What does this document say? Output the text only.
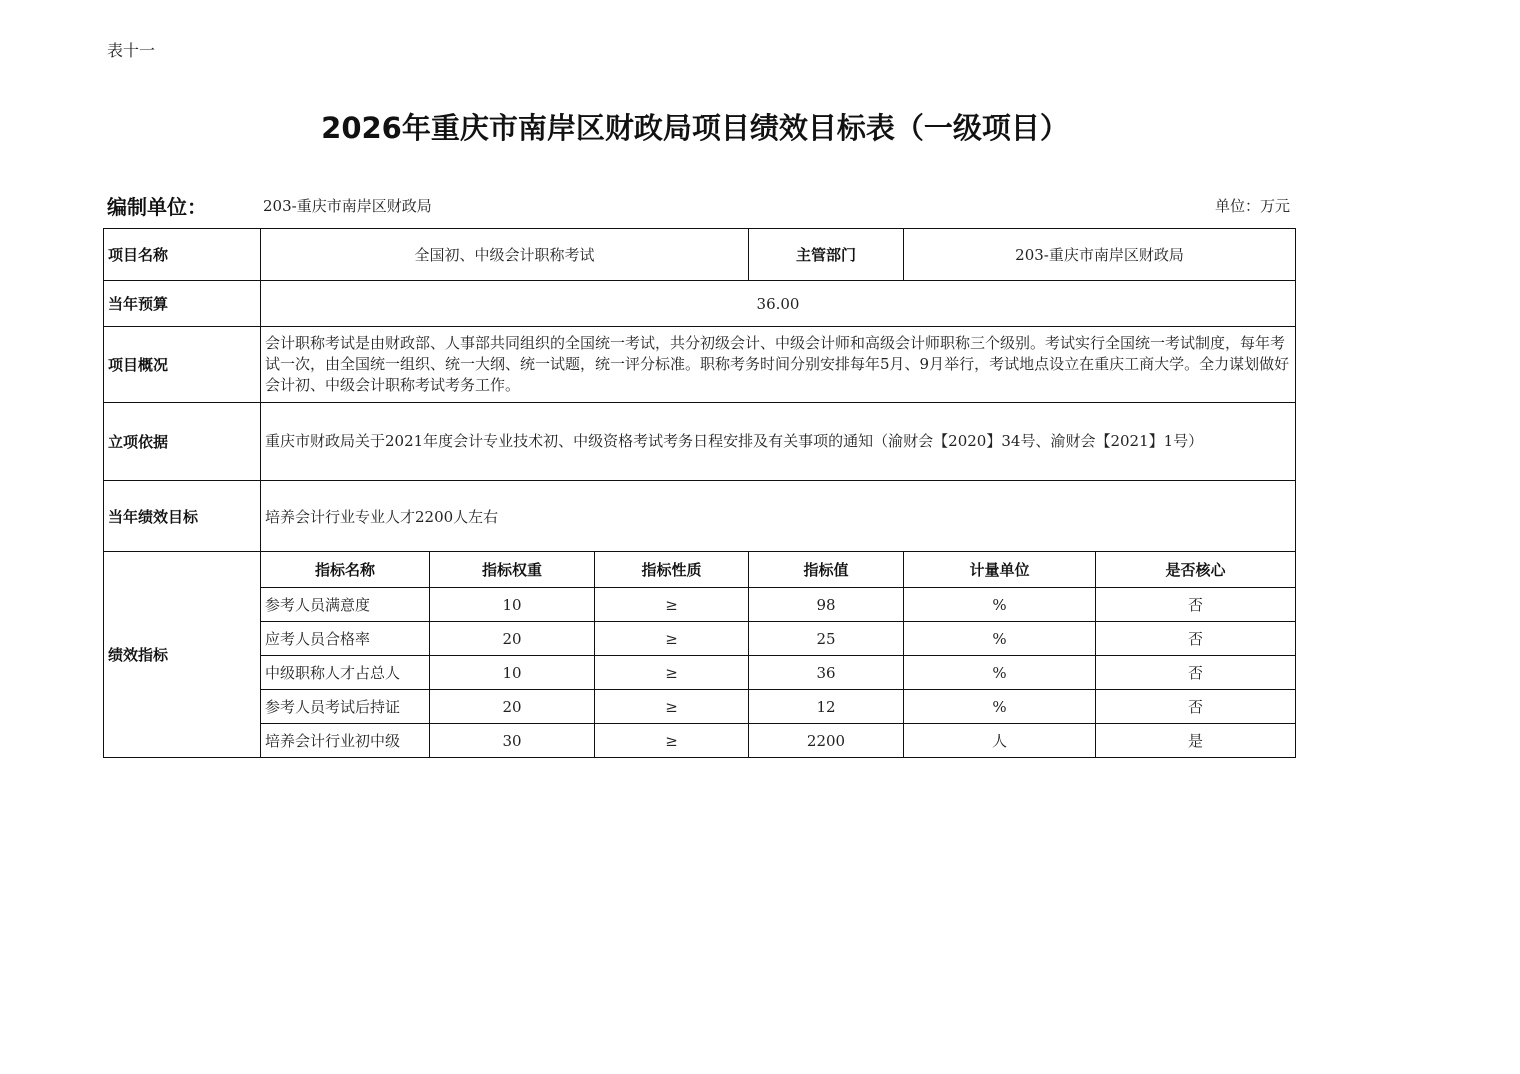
表十一
2026年重庆市南岸区财政局项目绩效目标表（一级项目）
编制单位：	203-重庆市南岸区财政局	单位：万元
项目名称	全国初、中级会计职称考试			主管部门	203-重庆市南岸区财政局	
当年预算	36.00					
项目概况	会计职称考试是由财政部、人事部共同组织的全国统一考试，共分初级会计、中级会计师和高级会计师职称三个级别。考试实行全国统一考试制度，每年考试一次，由全国统一组织、统一大纲、统一试题，统一评分标准。职称考务时间分别安排每年5月、9月举行，考试地点设立在重庆工商大学。全力谋划做好会计初、中级会计职称考试考务工作。					
立项依据	重庆市财政局关于2021年度会计专业技术初、中级资格考试考务日程安排及有关事项的通知（渝财会【2020】34号、渝财会【2021】1号）					
当年绩效目标	培养会计行业专业人才2200人左右					
绩效指标	指标名称	指标权重	指标性质	指标值	计量单位	是否核心
	参考人员满意度	10	≥	98	%	否
	应考人员合格率	20	≥	25	%	否
	中级职称人才占总人	10	≥	36	%	否
	参考人员考试后持证	20	≥	12	%	否
	培养会计行业初中级	30	≥	2200	人	是
